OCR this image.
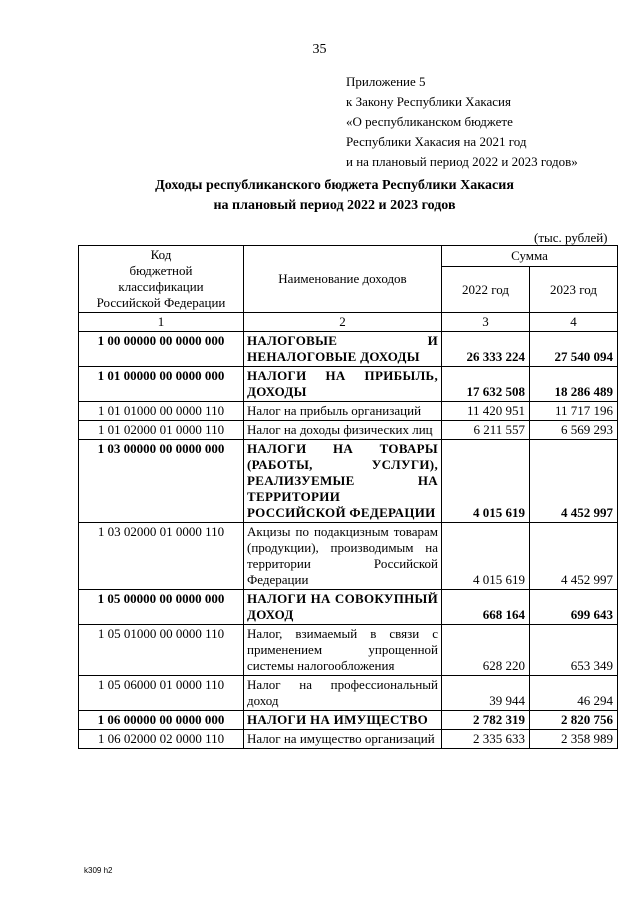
35
Приложение 5
к Закону Республики Хакасия
«О республиканском бюджете
Республики Хакасия на 2021 год
и на плановый период 2022 и 2023 годов»
Доходы республиканского бюджета Республики Хакасия
на плановый период 2022 и 2023 годов
(тыс. рублей)
Код
бюджетной
классификации
Российской Федерации	Наименование доходов	Сумма	
		2022 год	2023 год
1	2	3	4
1 00 00000 00 0000 000	НАЛОГОВЫЕ И НЕНАЛОГОВЫЕ ДОХОДЫ	26 333 224	27 540 094
1 01 00000 00 0000 000	НАЛОГИ НА ПРИБЫЛЬ, ДОХОДЫ	17 632 508	18 286 489
1 01 01000 00 0000 110	Налог на прибыль организаций	11 420 951	11 717 196
1 01 02000 01 0000 110	Налог на доходы физических лиц	6 211 557	6 569 293
1 03 00000 00 0000 000	НАЛОГИ НА ТОВАРЫ (РАБОТЫ, УСЛУГИ), РЕАЛИЗУЕМЫЕ НА ТЕРРИТОРИИ РОССИЙСКОЙ ФЕДЕРАЦИИ	4 015 619	4 452 997
1 03 02000 01 0000 110	Акцизы по подакцизным товарам (продукции), производимым на территории Российской Федерации	4 015 619	4 452 997
1 05 00000 00 0000 000	НАЛОГИ НА СОВОКУПНЫЙ ДОХОД	668 164	699 643
1 05 01000 00 0000 110	Налог, взимаемый в связи с применением упрощенной системы налогообложения	628 220	653 349
1 05 06000 01 0000 110	Налог на профессиональный доход	39 944	46 294
1 06 00000 00 0000 000	НАЛОГИ НА ИМУЩЕСТВО	2 782 319	2 820 756
1 06 02000 02 0000 110	Налог на имущество организаций	2 335 633	2 358 989
k309 h2
